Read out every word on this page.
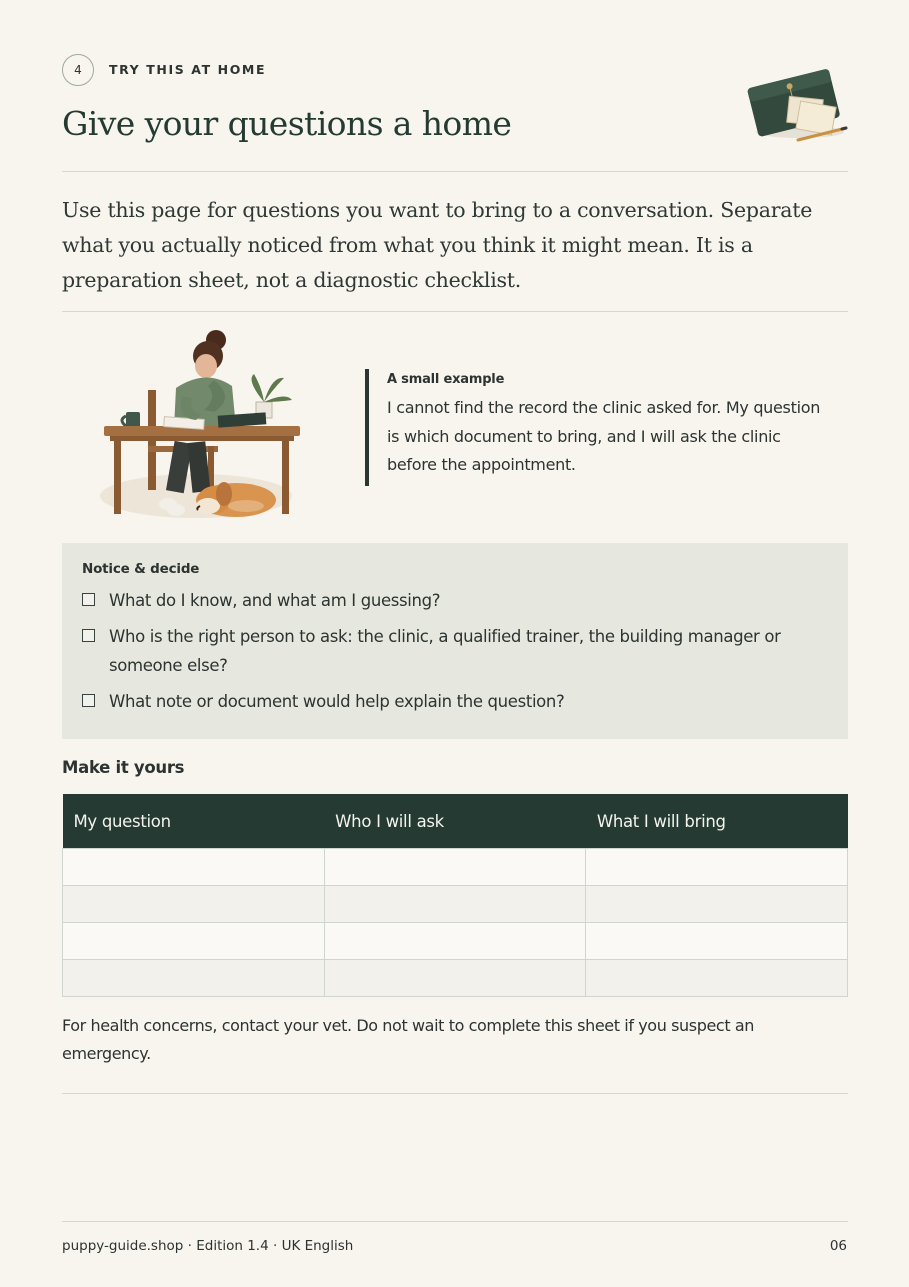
4	TRY THIS AT HOME
Give your questions a home

Use this page for questions you want to bring to a conversation. Separate what you actually noticed from what you think it might mean. It is a preparation sheet, not a diagnostic checklist.

A small example
I cannot find the record the clinic asked for. My question is which document to bring, and I will ask the clinic before the appointment.
Notice & decide
What do I know, and what am I guessing?
Who is the right person to ask: the clinic, a qualified trainer, the building manager or someone else?
What note or document would help explain the question?
Make it yours
My question	Who I will ask	What I will bring

For health concerns, contact your vet. Do not wait to complete this sheet if you suspect an emergency.

puppy-guide.shop · Edition 1.4 · UK English	06
